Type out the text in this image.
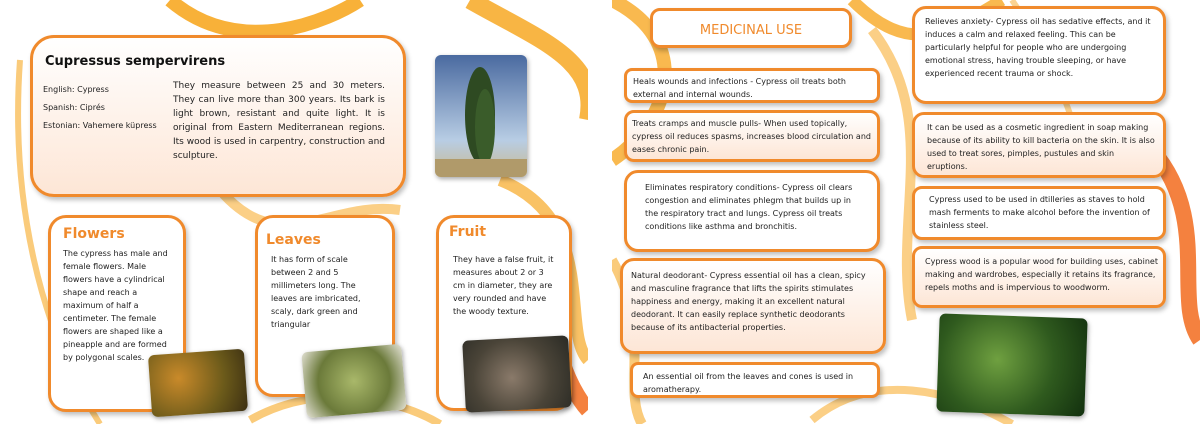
Cupressus sempervirens
English: Cypress
Spanish: Ciprés
Estonian: Vahemere küpress
They measure between 25 and 30 meters. They can live more than 300 years. Its bark is light brown, resistant and quite light. It is original from Eastern Mediterranean regions. Its wood is used in carpentry, construction and sculpture.
Flowers
The cypress has male and female flowers. Male flowers have a cylindrical shape and reach a maximum of half a centimeter. The female flowers are shaped like a pineapple and are formed by polygonal scales.
Leaves
It has form of scale between 2 and 5 millimeters long. The leaves are imbricated, scaly, dark green and triangular
Fruit
They have a false fruit, it measures about 2 or 3 cm in diameter, they are very rounded and have the woody texture.
MEDICINAL USE
Heals wounds and infections - Cypress oil treats both external and internal wounds.
Treats cramps and muscle pulls- When used topically, cypress oil reduces spasms, increases blood circulation and eases chronic pain.
Eliminates respiratory conditions- Cypress oil clears congestion and eliminates phlegm that builds up in the respiratory tract and lungs. Cypress oil treats conditions like asthma and bronchitis.
Natural deodorant- Cypress essential oil has a clean, spicy and masculine fragrance that lifts the spirits stimulates happiness and energy, making it an excellent natural deodorant. It can easily replace synthetic deodorants because of its antibacterial properties.
An essential oil from the leaves and cones is used in aromatherapy.
Relieves anxiety- Cypress oil has sedative effects, and it induces a calm and relaxed feeling. This can be particularly helpful for people who are undergoing emotional stress, having trouble sleeping, or have experienced recent trauma or shock.
It can be used as a cosmetic ingredient in soap making because of its ability to kill bacteria on the skin. It is also used to treat sores, pimples, pustules and skin eruptions.
Cypress used to be used in dtilleries as staves to hold mash ferments to make alcohol before the invention of stainless steel.
Cypress wood is a popular wood for building uses, cabinet making and wardrobes, especially it retains its fragrance, repels moths and is impervious to woodworm.
